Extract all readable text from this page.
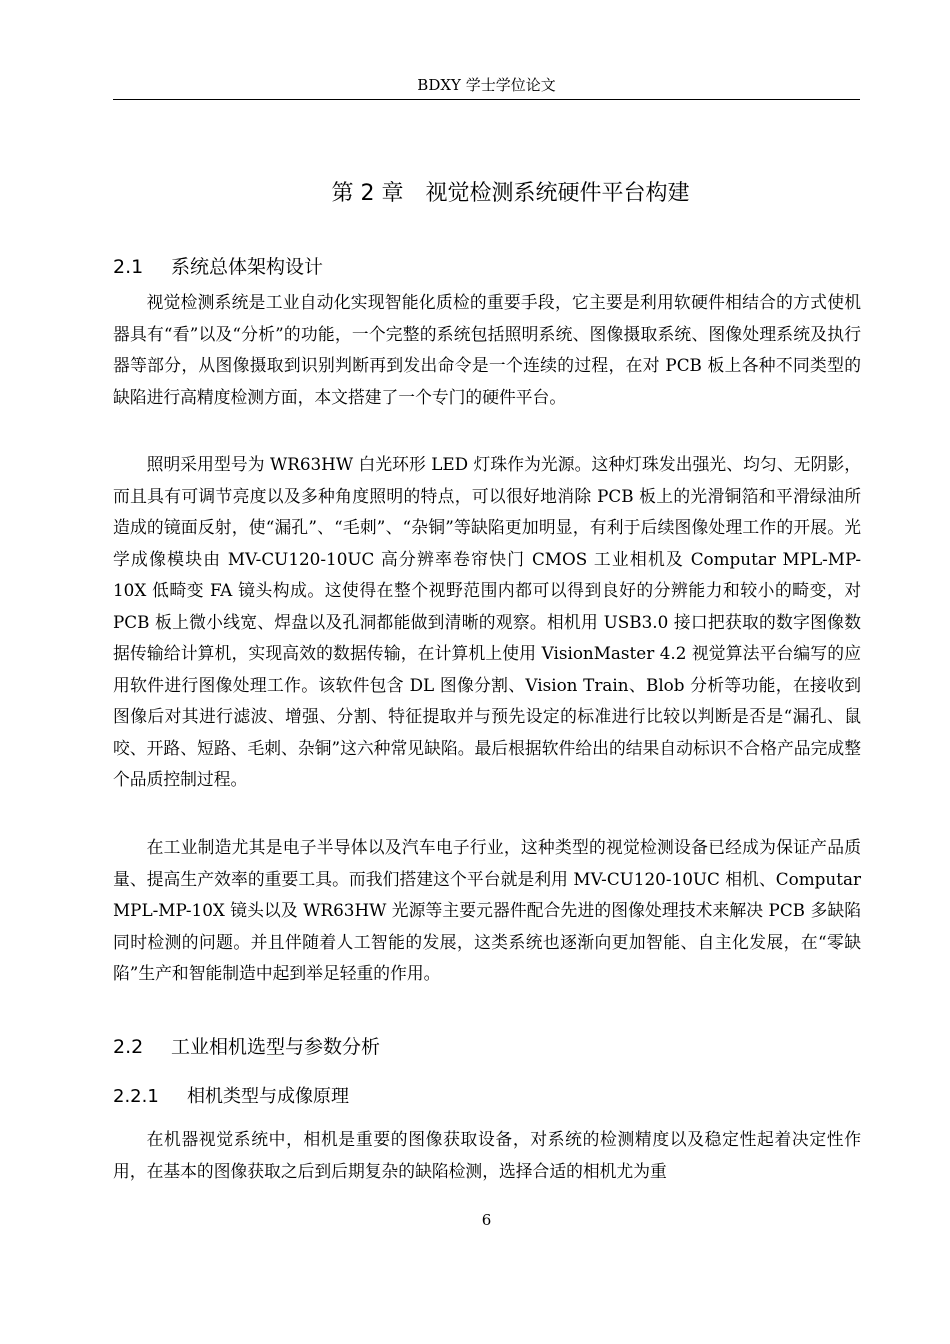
BDXY 学士学位论文
第 2 章 视觉检测系统硬件平台构建
2.1 系统总体架构设计

视觉检测系统是工业自动化实现智能化质检的重要手段，它主要是利用软硬件相结合的方式使机器具有“看”以及“分析”的功能，一个完整的系统包括照明系统、图像摄取系统、图像处理系统及执行器等部分，从图像摄取到识别判断再到发出命令是一个连续的过程，在对 PCB 板上各种不同类型的缺陷进行高精度检测方面，本文搭建了一个专门的硬件平台。

照明采用型号为 WR63HW 白光环形 LED 灯珠作为光源。这种灯珠发出强光、均匀、无阴影，而且具有可调节亮度以及多种角度照明的特点，可以很好地消除 PCB 板上的光滑铜箔和平滑绿油所造成的镜面反射，使“漏孔”、“毛刺”、“杂铜”等缺陷更加明显，有利于后续图像处理工作的开展。光学成像模块由 MV-CU120-10UC 高分辨率卷帘快门 CMOS 工业相机及 Computar MPL-MP-10X 低畸变 FA 镜头构成。这使得在整个视野范围内都可以得到良好的分辨能力和较小的畸变，对 PCB 板上微小线宽、焊盘以及孔洞都能做到清晰的观察。相机用 USB3.0 接口把获取的数字图像数据传输给计算机，实现高效的数据传输，在计算机上使用 VisionMaster 4.2 视觉算法平台编写的应用软件进行图像处理工作。该软件包含 DL 图像分割、Vision Train、Blob 分析等功能，在接收到图像后对其进行滤波、增强、分割、特征提取并与预先设定的标准进行比较以判断是否是“漏孔、鼠咬、开路、短路、毛刺、杂铜”这六种常见缺陷。最后根据软件给出的结果自动标识不合格产品完成整个品质控制过程。

在工业制造尤其是电子半导体以及汽车电子行业，这种类型的视觉检测设备已经成为保证产品质量、提高生产效率的重要工具。而我们搭建这个平台就是利用 MV-CU120-10UC 相机、Computar MPL-MP-10X 镜头以及 WR63HW 光源等主要元器件配合先进的图像处理技术来解决 PCB 多缺陷同时检测的问题。并且伴随着人工智能的发展，这类系统也逐渐向更加智能、自主化发展，在“零缺陷”生产和智能制造中起到举足轻重的作用。

2.2 工业相机选型与参数分析
2.2.1 相机类型与成像原理

在机器视觉系统中，相机是重要的图像获取设备，对系统的检测精度以及稳定性起着决定性作用，在基本的图像获取之后到后期复杂的缺陷检测，选择合适的相机尤为重

6
